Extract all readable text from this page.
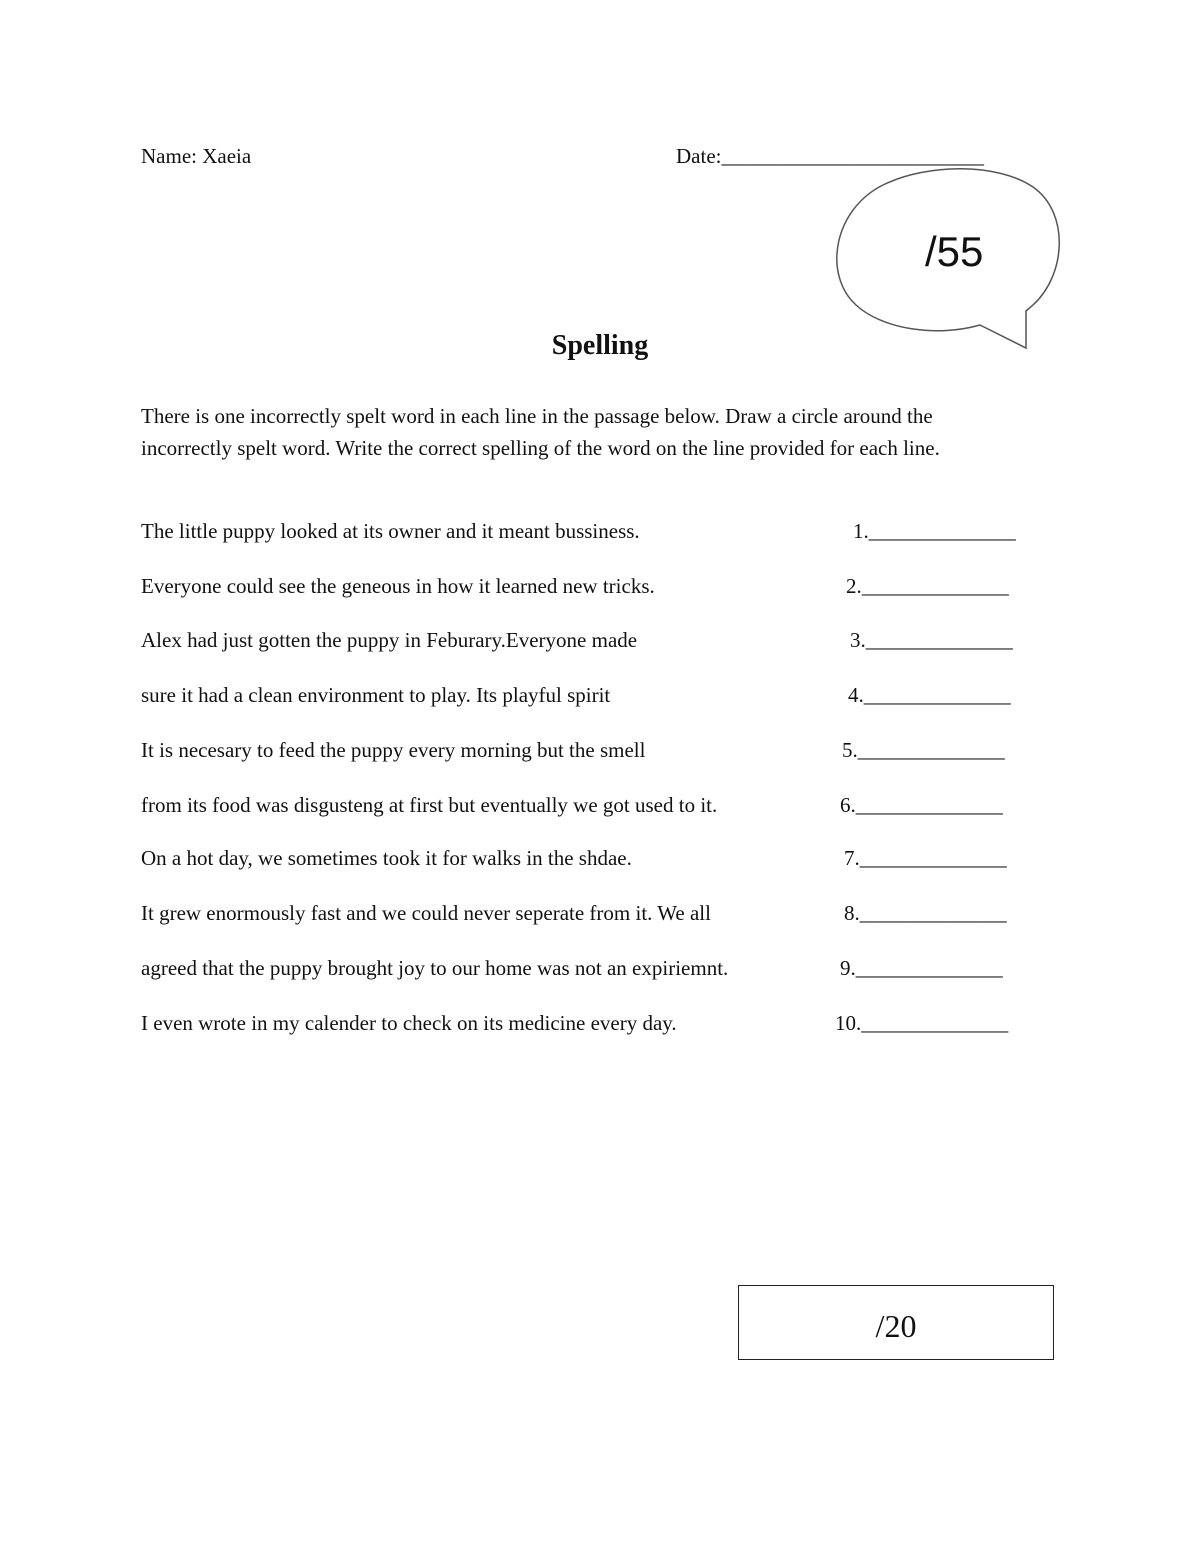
Name: Xaeia	Date:_________________________
/55
Spelling
There is one incorrectly spelt word in each line in the passage below. Draw a circle around the
incorrectly spelt word. Write the correct spelling of the word on the line provided for each line.
The little puppy looked at its owner and it meant bussiness.	1.______________
Everyone could see the geneous in how it learned new tricks.	2.______________
Alex had just gotten the puppy in Feburary.Everyone made	3.______________
sure it had a clean environment to play. Its playful spirit	4.______________
It is necesary to feed the puppy every morning but the smell	5.______________
from its food was disgusteng at first but eventually we got used to it.	6.______________
On a hot day, we sometimes took it for walks in the shdae.	7.______________
It grew enormously fast and we could never seperate from it. We all	8.______________
agreed that the puppy brought joy to our home was not an expiriemnt.	9.______________
I even wrote in my calender to check on its medicine every day.	10.______________
/20
